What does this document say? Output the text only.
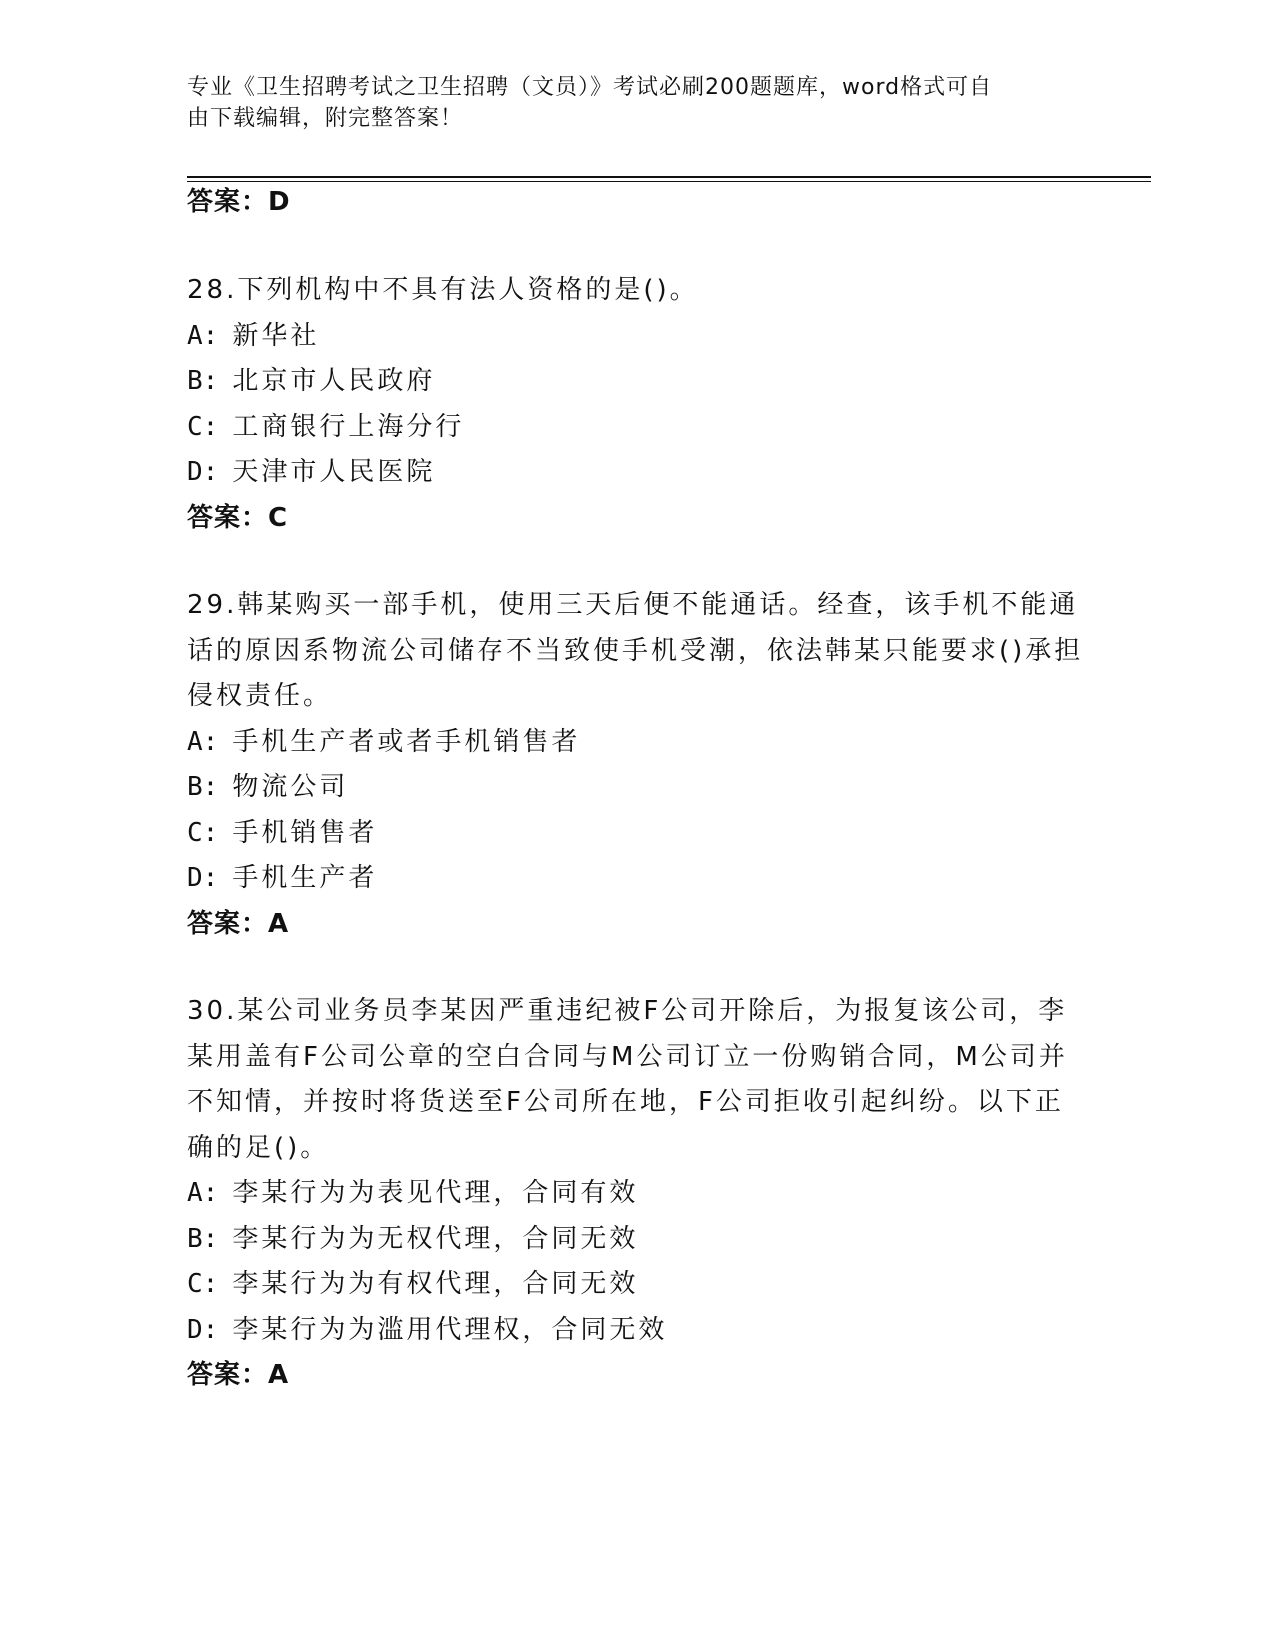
专业《卫生招聘考试之卫生招聘（文员）》考试必刷200题题库，word格式可自
由下载编辑，附完整答案！
答案：D

28.下列机构中不具有法人资格的是()。

A: 新华社
B: 北京市人民政府
C: 工商银行上海分行
D: 天津市人民医院
答案：C

29.韩某购买一部手机，使用三天后便不能通话。经查，该手机不能通话的原因系物流公司储存不当致使手机受潮，依法韩某只能要求()承担侵权责任。

A: 手机生产者或者手机销售者
B: 物流公司
C: 手机销售者
D: 手机生产者
答案：A

30.某公司业务员李某因严重违纪被F公司开除后，为报复该公司，李某用盖有F公司公章的空白合同与M公司订立一份购销合同，M公司并不知情，并按时将货送至F公司所在地，F公司拒收引起纠纷。以下正确的足()。

A: 李某行为为表见代理，合同有效
B: 李某行为为无权代理，合同无效
C: 李某行为为有权代理，合同无效
D: 李某行为为滥用代理权，合同无效
答案：A
